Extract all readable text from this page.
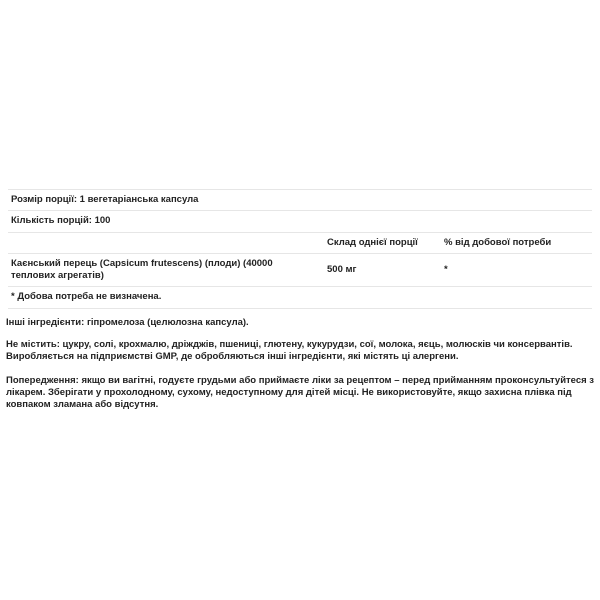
Розмір порції: 1 вегетаріанська капсула
Кількість порцій: 100
Склад однієї порції	% від добової потреби
Каєнський перець (Capsicum frutescens) (плоди) (40000
теплових агрегатів)
500 мг	*
* Добова потреба не визначена.
Інші інгредієнти: гіпромелоза (целюлозна капсула).
Не містить: цукру, солі, крохмалю, дріжджів, пшениці, глютену, кукурудзи, сої, молока, яєць, молюсків чи консервантів.
Виробляється на підприємстві GMP, де обробляються інші інгредієнти, які містять ці алергени.
Попередження: якщо ви вагітні, годуєте грудьми або приймаєте ліки за рецептом – перед прийманням проконсультуйтеся з
лікарем. Зберігати у прохолодному, сухому, недоступному для дітей місці. Не використовуйте, якщо захисна плівка під
ковпаком зламана або відсутня.
